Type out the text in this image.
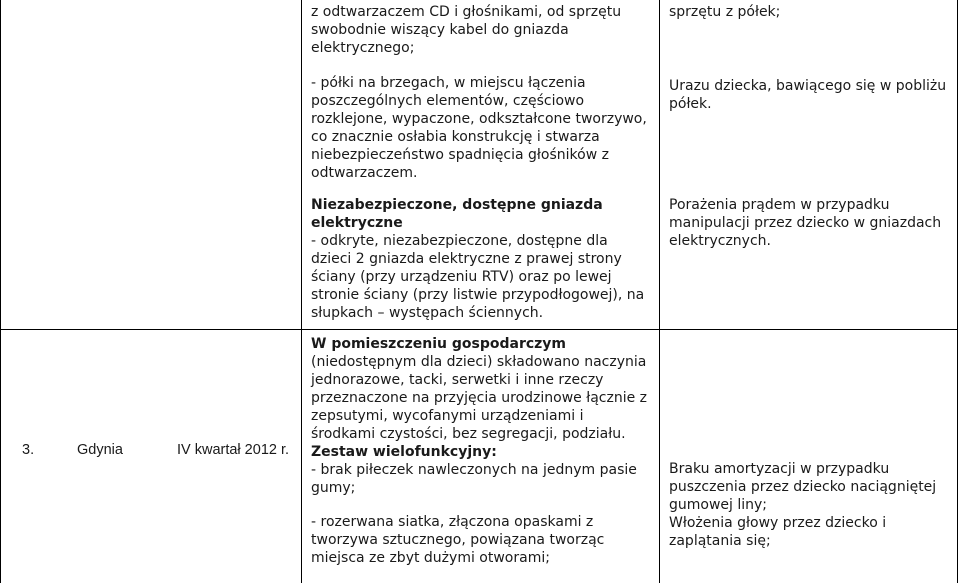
z odtwarzaczem CD i głośnikami, od sprzętu swobodnie wiszący kabel do gniazda elektrycznego;

- półki na brzegach, w miejscu łączenia poszczególnych elementów, częściowo rozklejone, wypaczone, odkształcone tworzywo, co znacznie osłabia konstrukcję i stwarza niebezpieczeństwo spadnięcia głośników z odtwarzaczem.

Niezabezpieczone, dostępne gniazda elektryczne

- odkryte, niezabezpieczone, dostępne dla dzieci 2 gniazda elektryczne z prawej strony ściany (przy urządzeniu RTV) oraz po lewej stronie ściany (przy listwie przypodłogowej), na słupkach – występach ściennych.

W pomieszczeniu gospodarczym (niedostępnym dla dzieci) składowano naczynia jednorazowe, tacki, serwetki i inne rzeczy przeznaczone na przyjęcia urodzinowe łącznie z zepsutymi, wycofanymi urządzeniami i środkami czystości, bez segregacji, podziału.

Zestaw wielofunkcyjny:

- brak piłeczek nawleczonych na jednym pasie gumy;

- rozerwana siatka, złączona opaskami z tworzywa sztucznego, powiązana tworząc miejsca ze zbyt dużymi otworami;

sprzętu z półek;

Urazu dziecka, bawiącego się w pobliżu półek.

Porażenia prądem w przypadku manipulacji przez dziecko w gniazdach elektrycznych.

Braku amortyzacji w przypadku puszczenia przez dziecko naciągniętej gumowej liny;

Włożenia głowy przez dziecko i zaplątania się;

3.	Gdynia	IV kwartał 2012 r.
